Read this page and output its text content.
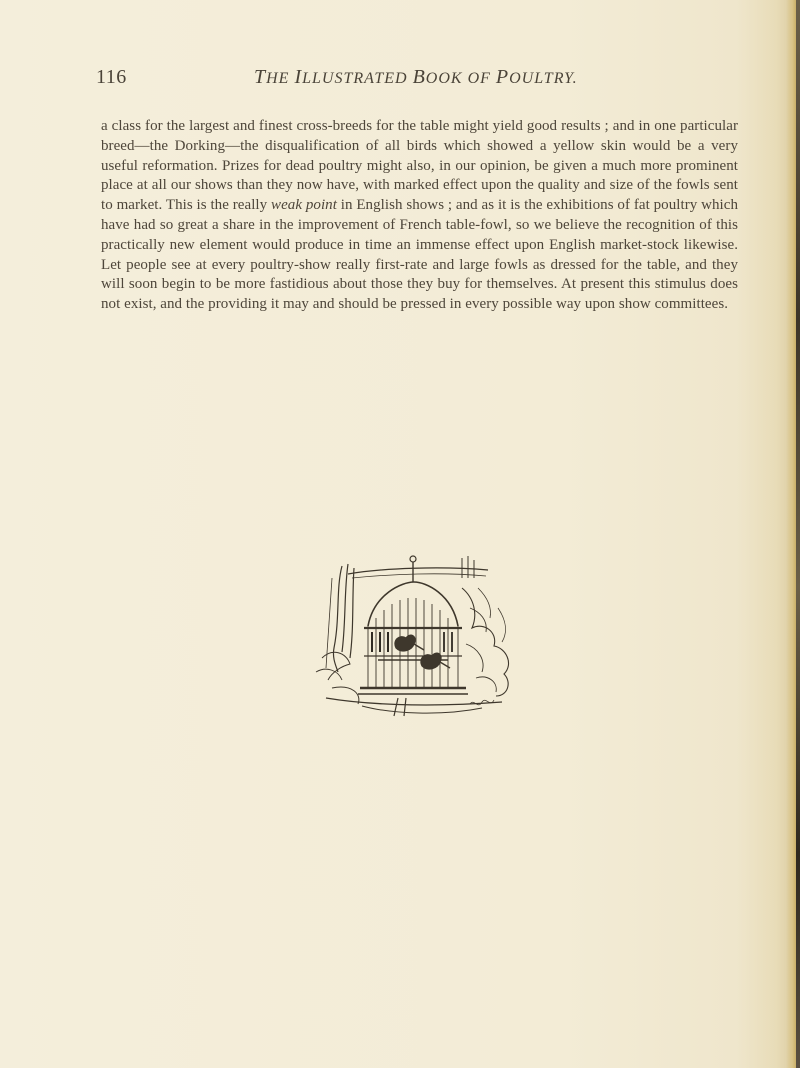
116	THE ILLUSTRATED BOOK OF POULTRY.

a class for the largest and finest cross-breeds for the table might yield good results ; and in one particular breed—the Dorking—the disqualification of all birds which showed a yellow skin would be a very useful reformation. Prizes for dead poultry might also, in our opinion, be given a much more prominent place at all our shows than they now have, with marked effect upon the quality and size of the fowls sent to market. This is the really weak point in English shows ; and as it is the exhibitions of fat poultry which have had so great a share in the improvement of French table-fowl, so we believe the recognition of this practically new element would produce in time an immense effect upon English market-stock likewise. Let people see at every poultry-show really first-rate and large fowls as dressed for the table, and they will soon begin to be more fastidious about those they buy for themselves. At present this stimulus does not exist, and the providing it may and should be pressed in every possible way upon show committees.
